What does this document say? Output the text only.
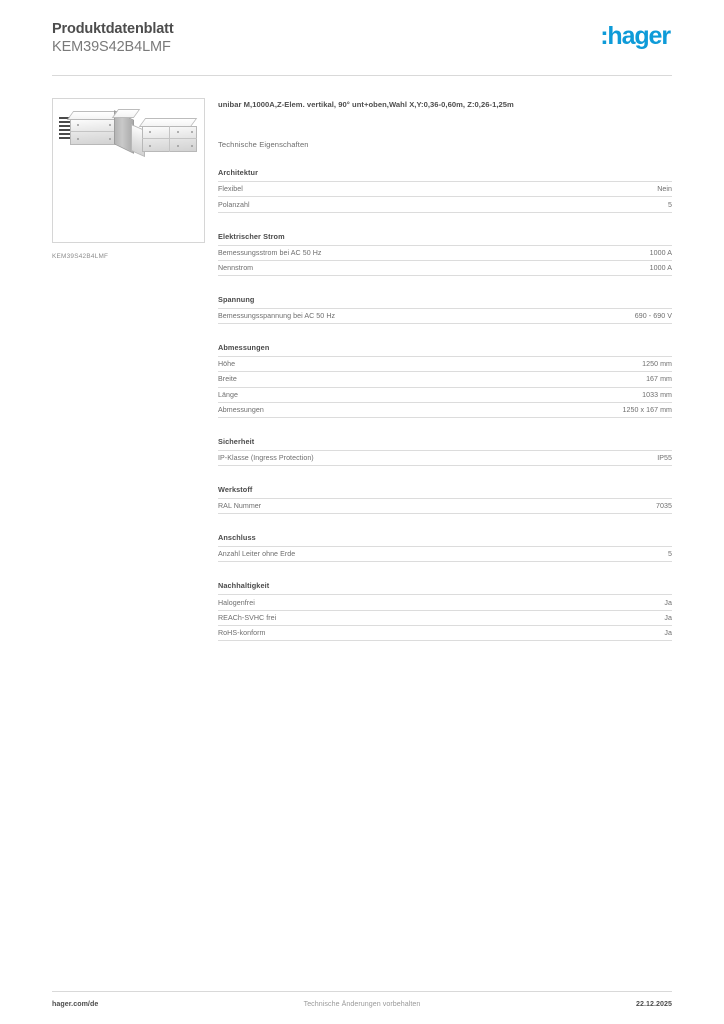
Produktdatenblatt
KEM39S42B4LMF	:hager
KEM39S42B4LMF
unibar M,1000A,Z-Elem. vertikal, 90° unt+oben,Wahl X,Y:0,36-0,60m, Z:0,26-1,25m
Technische Eigenschaften
Architektur
Flexibel	Nein
Polanzahl	5
Elektrischer Strom
Bemessungsstrom bei AC 50 Hz	1000 A
Nennstrom	1000 A
Spannung
Bemessungsspannung bei AC 50 Hz	690 - 690 V
Abmessungen
Höhe	1250 mm
Breite	167 mm
Länge	1033 mm
Abmessungen	1250 x 167 mm
Sicherheit
IP-Klasse (Ingress Protection)	IP55
Werkstoff
RAL Nummer	7035
Anschluss
Anzahl Leiter ohne Erde	5
Nachhaltigkeit
Halogenfrei	Ja
REACh-SVHC frei	Ja
RoHS-konform	Ja
hager.com/de	Technische Änderungen vorbehalten	22.12.2025
